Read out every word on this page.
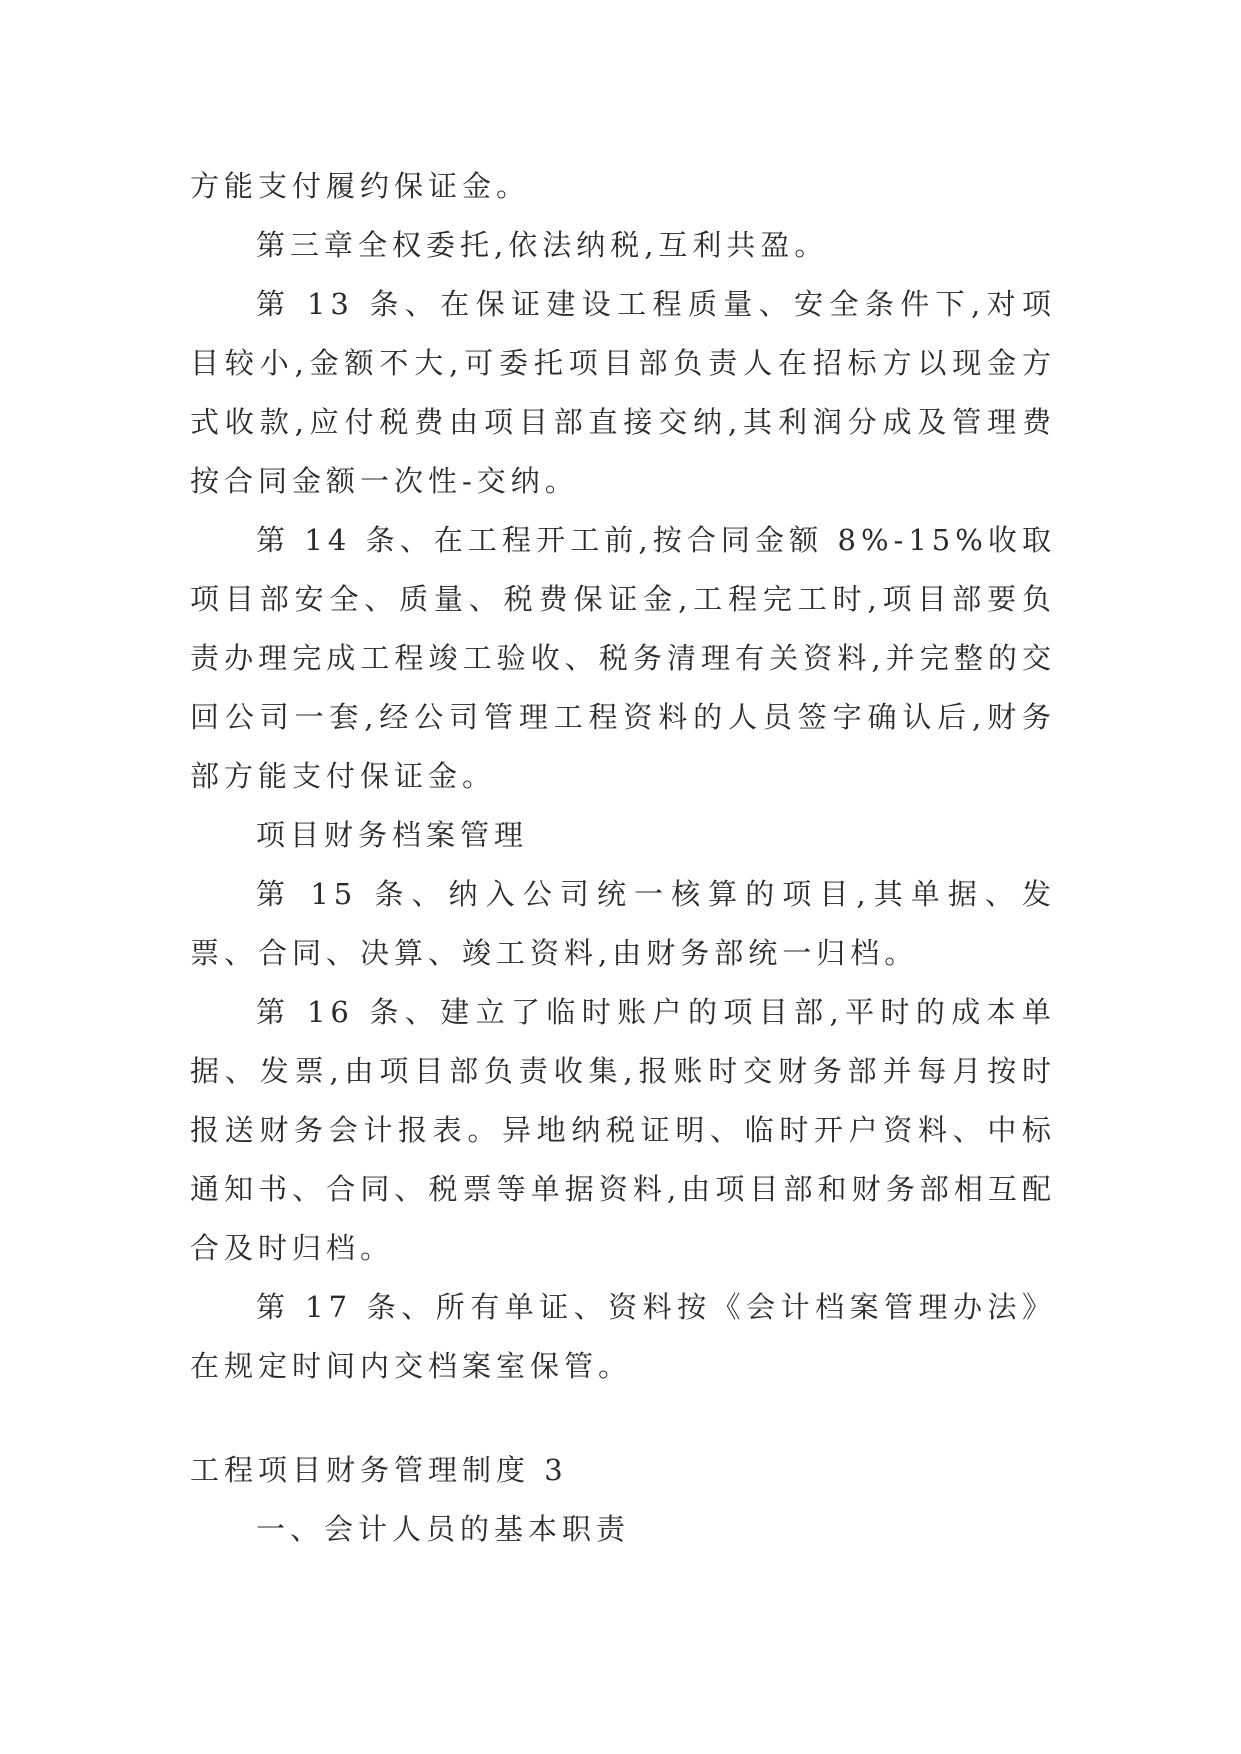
方能支付履约保证金。

第三章全权委托,依法纳税,互利共盈。

第 13 条、在保证建设工程质量、安全条件下,对项目较小,金额不大,可委托项目部负责人在招标方以现金方式收款,应付税费由项目部直接交纳,其利润分成及管理费按合同金额一次性-交纳。

第 14 条、在工程开工前,按合同金额 8%-15%收取项目部安全、质量、税费保证金,工程完工时,项目部要负责办理完成工程竣工验收、税务清理有关资料,并完整的交回公司一套,经公司管理工程资料的人员签字确认后,财务部方能支付保证金。

项目财务档案管理

第 15 条、纳入公司统一核算的项目,其单据、发票、合同、决算、竣工资料,由财务部统一归档。

第 16 条、建立了临时账户的项目部,平时的成本单据、发票,由项目部负责收集,报账时交财务部并每月按时报送财务会计报表。异地纳税证明、临时开户资料、中标通知书、合同、税票等单据资料,由项目部和财务部相互配合及时归档。

第 17 条、所有单证、资料按《会计档案管理办法》在规定时间内交档案室保管。

工程项目财务管理制度 3

一、会计人员的基本职责
